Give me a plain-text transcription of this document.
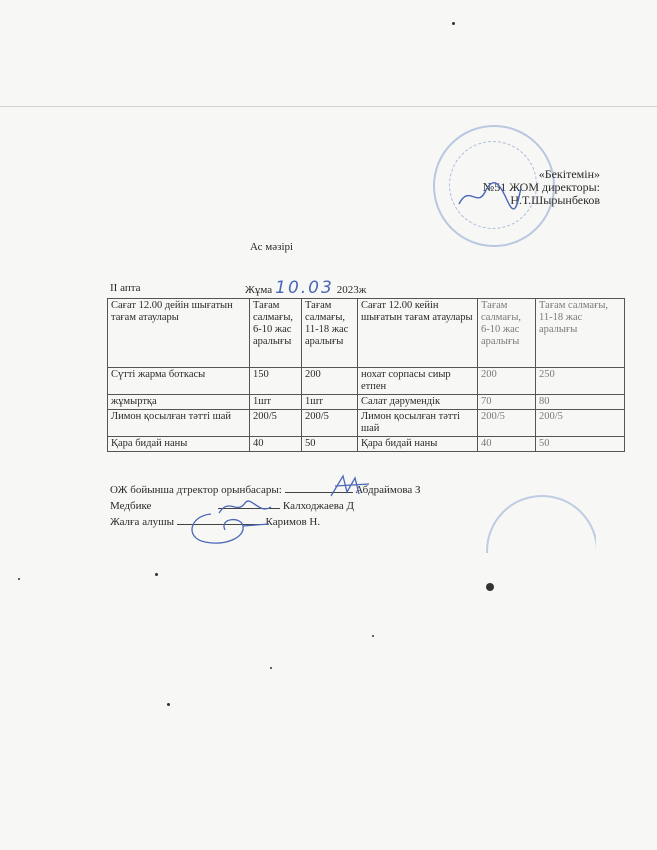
«Бекітемін»
№51 ЖОМ директоры:
Н.Т.Шырынбеков
Ас мәзірі
II апта	Жұма 10.03 2023ж
Сағат 12.00 дейін шығатын тағам атаулары	Тағам салмағы, 6-10 жас аралығы	Тағам салмағы, 11-18 жас аралығы	Сағат 12.00 кейін шығатын тағам атаулары	Тағам салмағы, 6-10 жас аралығы	Тағам салмағы, 11-18 жас аралығы
Сүтті жарма боткасы	150	200	нохат сорпасы сиыр етпен	200	250
жұмыртқа	1шт	1шт	Салат дәрумендік	70	80
Лимон қосылған тәтті шай	200/5	200/5	Лимон қосылған тәтті шай	200/5	200/5
Қара бидай наны	40	50	Қара бидай наны	40	50
ОЖ бойынша дтректор орынбасары:	Абдраймова З
Медбике	Калходжаева Д
Жалға алушы	Каримов Н.
